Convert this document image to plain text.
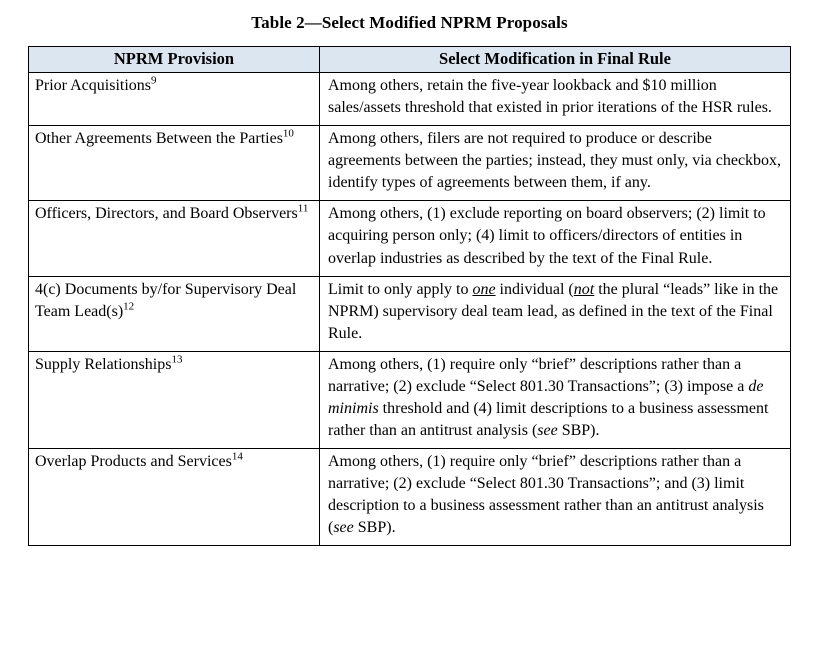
Table 2—Select Modified NPRM Proposals
NPRM Provision	Select Modification in Final Rule
Prior Acquisitions$^9$	Among others, retain the five-year lookback and $10 million sales/assets threshold that existed in prior iterations of the HSR rules.
Other Agreements Between the Parties$^{10}$	Among others, filers are not required to produce or describe agreements between the parties; instead, they must only, via checkbox, identify types of agreements between them, if any.
Officers, Directors, and Board Observers$^{11}$	Among others, (1) exclude reporting on board observers; (2) limit to acquiring person only; (4) limit to officers/directors of entities in overlap industries as described by the text of the Final Rule.
4(c) Documents by/for Supervisory Deal Team $Lead(s)^{12}$	Limit to only apply to one individual (not the plural “leads” like in the NPRM) supervisory deal team lead, as defined in the text of the Final Rule.
Supply Relationships$^{13}$	Among others, (1) require only “brief” descriptions rather than a narrative; (2) exclude “Select 801.30 Transactions”; (3) impose a de minimis threshold and (4) limit descriptions to a business assessment rather than an antitrust analysis (see SBP).
Overlap Products and Services$^{14}$	Among others, (1) require only “brief” descriptions rather than a narrative; (2) exclude “Select 801.30 Transactions”; and (3) limit description to a business assessment rather than an antitrust analysis (see SBP).
